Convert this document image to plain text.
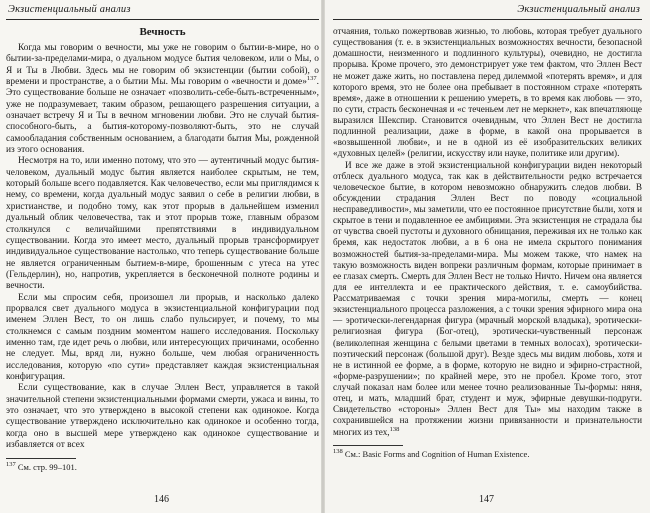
Экзистенциальный анализ
Вечность

Когда мы говорим о вечности, мы уже не говорим о бытии-в-мире, но о бытии-за-пределами-мира, о дуальном модусе бытия человеком, или о Мы, о Я и Ты в Любви. Здесь мы не говорим об экзистенции (бытии собой), о времени и пространстве, а о бытии Мы. Мы говорим о «вечности и доме»$^{137}$. Это существование больше не означает «позволить-себе-быть-встреченным», уже не подразумевает, таким образом, решающего разрешения ситуации, а означает встречу Я и Ты в вечном мгновении любви. Это не случай бытия-способного-быть, а бытия-которому-позволяют-быть, это не случай самообладания собственным основанием, а благодати бытия Мы, рожденной из этого основания.

Несмотря на то, или именно потому, что это — аутентичный модус бытия-человеком, дуальный модус бытия является наиболее скрытым, не тем, который больше всего подавляется. Как человечество, если мы приглядимся к нему, со времени, когда дуальный модус заявил о себе в религии любви, в христианстве, и подобно тому, как этот прорыв в дальнейшем изменил дуальный облик человечества, так и этот прорыв тоже, главным образом столкнулся с величайшими препятствиями в индивидуальном существовании. Когда это имеет место, дуальный прорыв трансформирует индивидуальное существование настолько, что теперь существование больше не является ограниченным бытием-в-мире, брошенным с утеса на утес (Гельдерлин), но, напротив, укрепляется в бесконечной полноте родины и вечности.

Если мы спросим себя, произошел ли прорыв, и насколько далеко прорвался свет дуального модуса в экзистенциальной конфигурации под именем Эллен Вест, то он лишь слабо пульсирует, и почему, то мы столкнемся с самым поздним моментом нашего исследования. Поскольку именно там, где идет речь о любви, или интересующих причинами, особенно не следует. Мы, вряд ли, нужно больше, чем любая ограниченность исследования, которую «по сути» представляет каждая экзистенциальная конфигурация.

Если существование, как в случае Эллен Вест, управляется в такой значительной степени экзистенциальными формами смерти, ужаса и вины, то это означает, что это утверждено в высокой степени как одинокое. Когда существование утверждено исключительно как одинокое и особенно тогда, когда оно в высшей мере утверждено как одинокое существование и избавляется от всех

$^{137}$ См. стр. 99–101.
146
Экзистенциальный анализ

отчаяния, только пожертвовав жизнью, то любовь, которая требует дуального существования (т. е. в экзистенциальных возможностях вечности, безопасной домашности, неизменного и подлинного культуры), очевидно, не достигла прорыва. Кроме прочего, это демонстрирует уже тем фактом, что Эллен Вест не может даже жить, но поставлена перед дилеммой «потерять время», и для которого время, это не более она пребывает в постоянном страхе «потерять время», даже в отношении к решению умереть, в то время как любовь — это, по сути, страсть бесконечная и «с теченьем лет не меркнет», как впечатляюще выразился Шекспир. Становится очевидным, что Эллен Вест не достигла подлинной реализации, даже в форме, в какой она прорывается в «возвышенной любви», и не в одной из её изобразительских великих «духовных целей» (религии, искусству или науке, политике или другим).

И все же даже в этой экзистенциальной конфигурации виден некоторый отблеск дуального модуса, так как в действительности редко встречается человеческое бытие, в котором невозможно обнаружить следов любви. В обсуждении страдания Эллен Вест по поводу «социальной несправедливости», мы заметили, что ее постоянное присутствие были, хотя и скрытое в тени и подавленное ее амбициями. Эта экзистенция не страдала бы от чувства своей пустоты и духовного обнищания, переживая их не только как бремя, как недостаток любви, а в 6 она не имела скрытого понимания возможностей бытия-за-пределами-мира. Мы можем также, что намек на такую возможность виден вопреки различным формам, которые принимает в ее глазах смерть. Смерть для Эллен Вест не только Ничто. Ничем она является для ее интеллекта и ее практического действия, т. е. самоубийства. Рассматриваемая с точки зрения мира-могилы, смерть — конец экзистенциального процесса разложения, а с точки зрения эфирного мира она — эротически-легендарная фигура (мрачный морской владыка), эротически-религиозная фигура (Бог-отец), эротически-чувственный персонаж (великолепная женщина с белыми цветами в темных волосах), эротически-поэтический персонаж (большой друг). Везде здесь мы видим любовь, хотя и не в истинной ее форме, а в форме, которую не видно и эфирно-страстной, «форме-разрушении»; по крайней мере, это не пробел. Кроме того, этот случай показал нам более или менее точно реализованные Ты-формы: няня, отец, и мать, младший брат, студент и муж, эфирные девушки-подруги. Свидетельство «стороны» Эллен Вест для Ты» мы находим также в сохранившейся на протяжении жизни привязанности и признательности многих из тех,$^{138}$

$^{138}$ См.: Basic Forms and Cognition of Human Existence.
147
